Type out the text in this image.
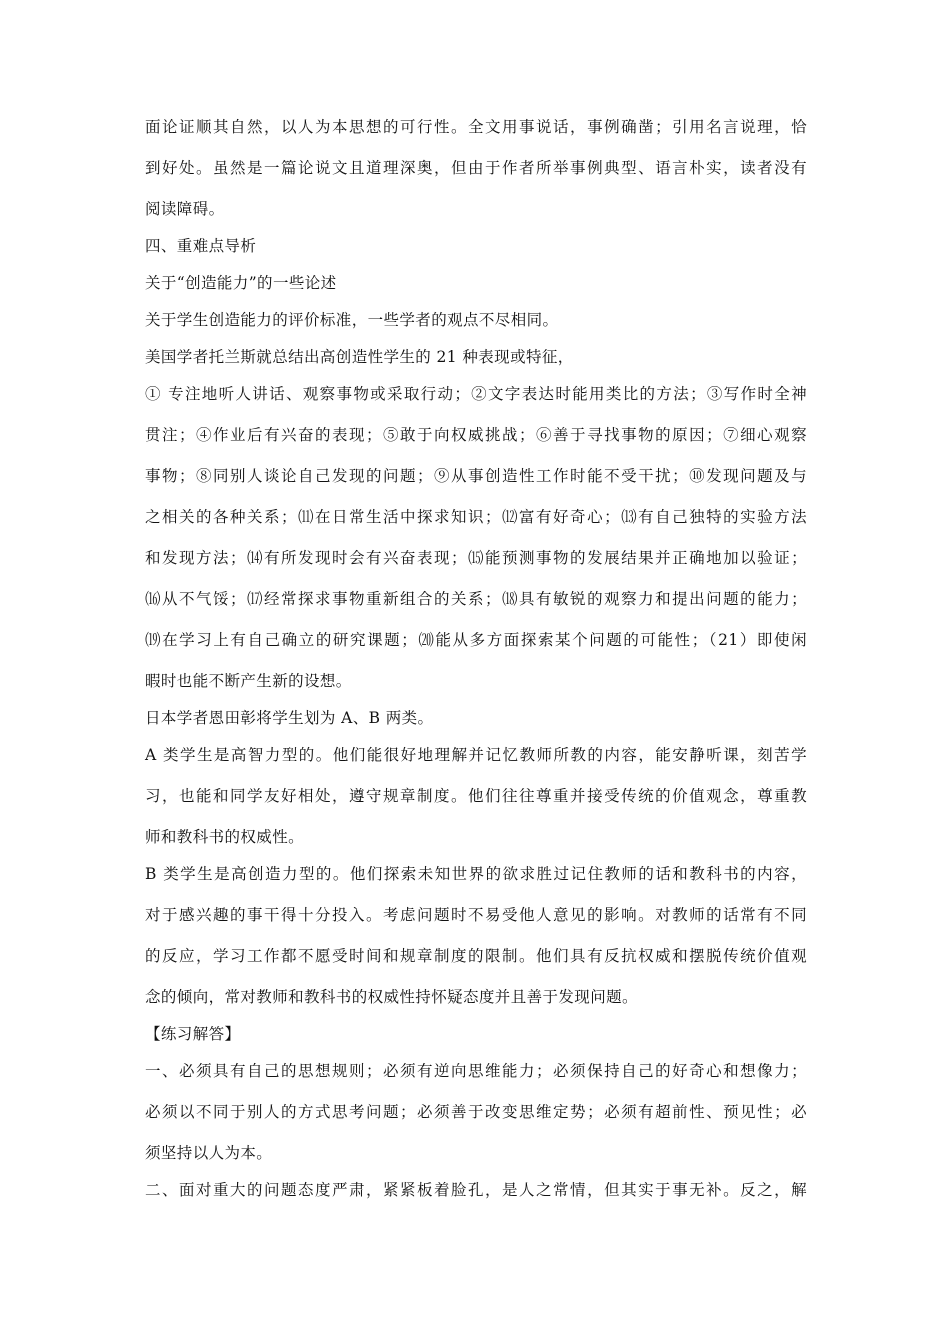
面论证顺其自然，以人为本思想的可行性。全文用事说话，事例确凿；引用名言说理，恰
到好处。虽然是一篇论说文且道理深奥，但由于作者所举事例典型、语言朴实，读者没有
阅读障碍。
四、重难点导析
关于“创造能力”的一些论述
关于学生创造能力的评价标准，一些学者的观点不尽相同。
美国学者托兰斯就总结出高创造性学生的 21 种表现或特征，
① 专注地听人讲话、观察事物或采取行动；②文字表达时能用类比的方法；③写作时全神
贯注；④作业后有兴奋的表现；⑤敢于向权威挑战；⑥善于寻找事物的原因；⑦细心观察
事物；⑧同别人谈论自己发现的问题；⑨从事创造性工作时能不受干扰；⑩发现问题及与
之相关的各种关系；⑾在日常生活中探求知识；⑿富有好奇心；⒀有自己独特的实验方法
和发现方法；⒁有所发现时会有兴奋表现；⒂能预测事物的发展结果并正确地加以验证；
⒃从不气馁；⒄经常探求事物重新组合的关系；⒅具有敏锐的观察力和提出问题的能力；
⒆在学习上有自己确立的研究课题；⒇能从多方面探索某个问题的可能性；（21）即使闲
暇时也能不断产生新的设想。
日本学者恩田彰将学生划为 A、B 两类。
A 类学生是高智力型的。他们能很好地理解并记忆教师所教的内容，能安静听课，刻苦学
习，也能和同学友好相处，遵守规章制度。他们往往尊重并接受传统的价值观念，尊重教
师和教科书的权威性。
B 类学生是高创造力型的。他们探索未知世界的欲求胜过记住教师的话和教科书的内容，
对于感兴趣的事干得十分投入。考虑问题时不易受他人意见的影响。对教师的话常有不同
的反应，学习工作都不愿受时间和规章制度的限制。他们具有反抗权威和摆脱传统价值观
念的倾向，常对教师和教科书的权威性持怀疑态度并且善于发现问题。
【练习解答】
一、必须具有自己的思想规则；必须有逆向思维能力；必须保持自己的好奇心和想像力；
必须以不同于别人的方式思考问题；必须善于改变思维定势；必须有超前性、预见性；必
须坚持以人为本。
二、面对重大的问题态度严肃，紧紧板着脸孔，是人之常情，但其实于事无补。反之，解
